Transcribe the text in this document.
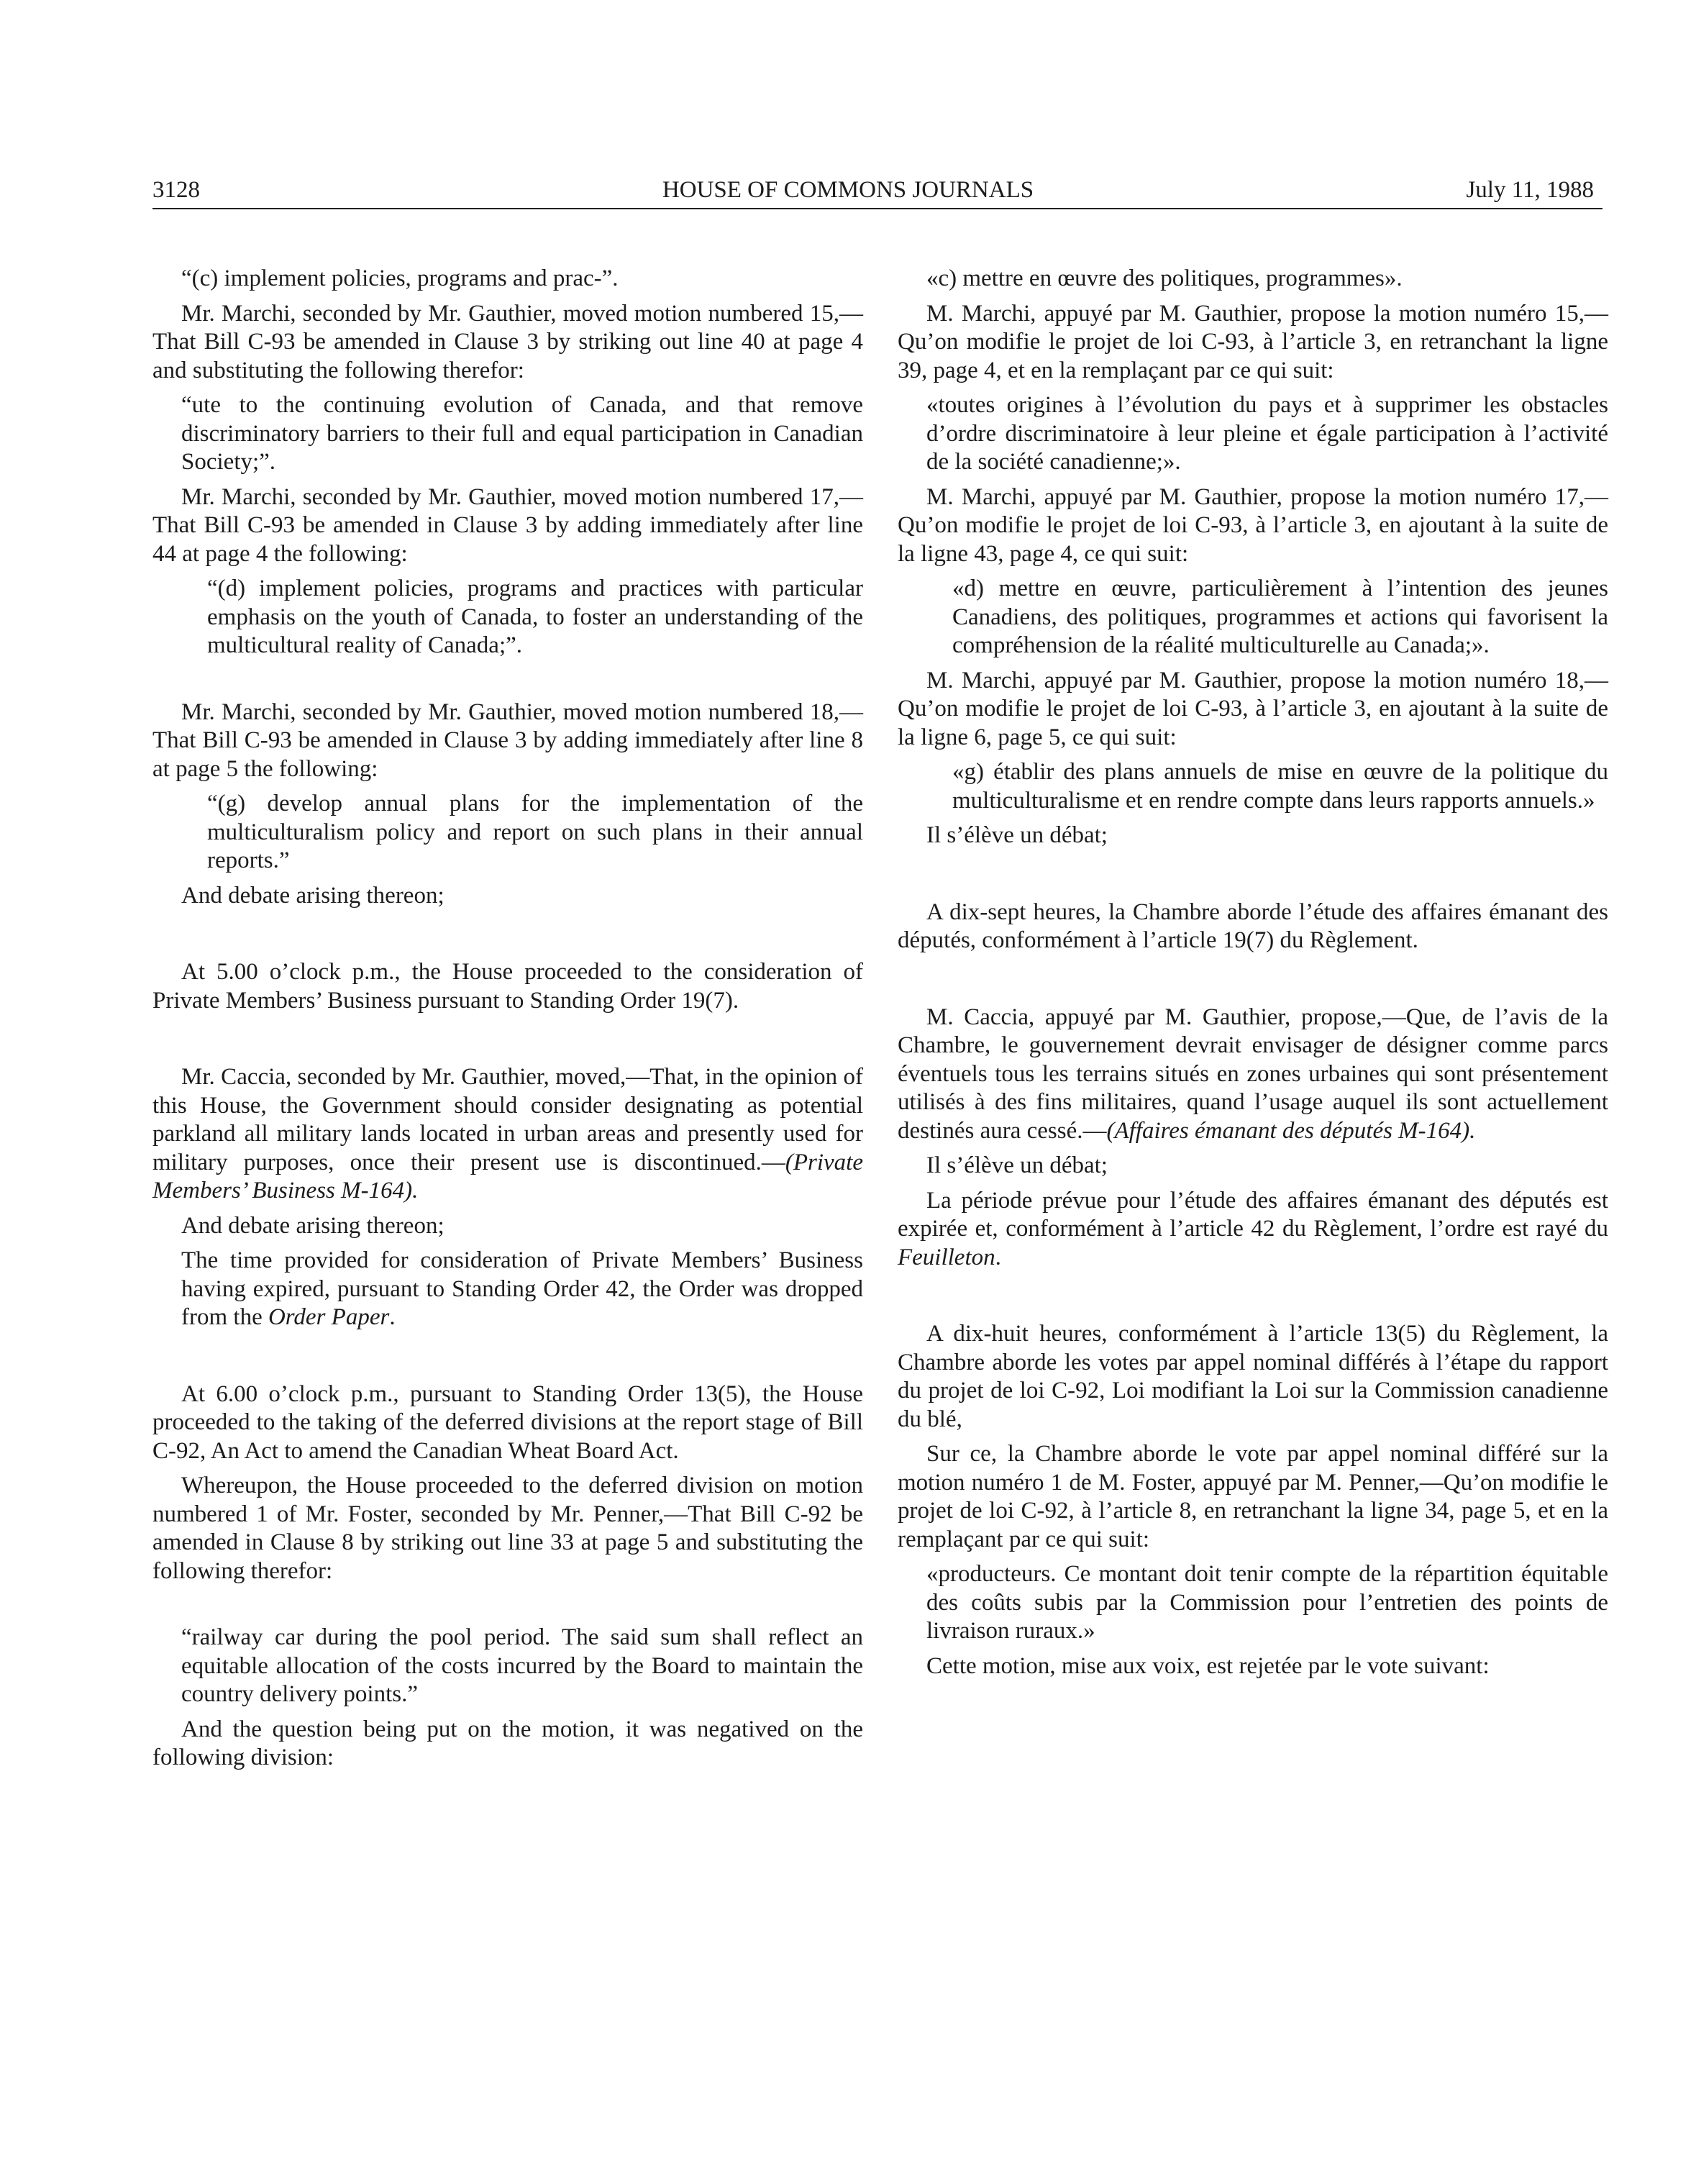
3128	HOUSE OF COMMONS JOURNALS	July 11, 1988

“(c) implement policies, programs and prac-”.

Mr. Marchi, seconded by Mr. Gauthier, moved motion numbered 15,—That Bill C-93 be amended in Clause 3 by striking out line 40 at page 4 and substituting the following therefor:

“ute to the continuing evolution of Canada, and that remove discriminatory barriers to their full and equal participation in Canadian Society;”.

Mr. Marchi, seconded by Mr. Gauthier, moved motion numbered 17,—That Bill C-93 be amended in Clause 3 by adding immediately after line 44 at page 4 the following:

“(d) implement policies, programs and practices with particular emphasis on the youth of Canada, to foster an understanding of the multicultural reality of Canada;”.

Mr. Marchi, seconded by Mr. Gauthier, moved motion numbered 18,—That Bill C-93 be amended in Clause 3 by adding immediately after line 8 at page 5 the following:

“(g) develop annual plans for the implementation of the multiculturalism policy and report on such plans in their annual reports.”

And debate arising thereon;

At 5.00 o’clock p.m., the House proceeded to the consideration of Private Members’ Business pursuant to Standing Order 19(7).

Mr. Caccia, seconded by Mr. Gauthier, moved,—That, in the opinion of this House, the Government should consider designating as potential parkland all military lands located in urban areas and presently used for military purposes, once their present use is discontinued.—(Private Members’ Business M-164).

And debate arising thereon;

The time provided for consideration of Private Members’ Business having expired, pursuant to Standing Order 42, the Order was dropped from the Order Paper.

At 6.00 o’clock p.m., pursuant to Standing Order 13(5), the House proceeded to the taking of the deferred divisions at the report stage of Bill C-92, An Act to amend the Canadian Wheat Board Act.

Whereupon, the House proceeded to the deferred division on motion numbered 1 of Mr. Foster, seconded by Mr. Penner,—That Bill C-92 be amended in Clause 8 by striking out line 33 at page 5 and substituting the following therefor:

“railway car during the pool period. The said sum shall reflect an equitable allocation of the costs incurred by the Board to maintain the country delivery points.”

And the question being put on the motion, it was negatived on the following division:

«c) mettre en œuvre des politiques, programmes».

M. Marchi, appuyé par M. Gauthier, propose la motion numéro 15,—Qu’on modifie le projet de loi C-93, à l’article 3, en retranchant la ligne 39, page 4, et en la remplaçant par ce qui suit:

«toutes origines à l’évolution du pays et à supprimer les obstacles d’ordre discriminatoire à leur pleine et égale participation à l’activité de la société canadienne;».

M. Marchi, appuyé par M. Gauthier, propose la motion numéro 17,—Qu’on modifie le projet de loi C-93, à l’article 3, en ajoutant à la suite de la ligne 43, page 4, ce qui suit:

«d) mettre en œuvre, particulièrement à l’intention des jeunes Canadiens, des politiques, programmes et actions qui favorisent la compréhension de la réalité multiculturelle au Canada;».

M. Marchi, appuyé par M. Gauthier, propose la motion numéro 18,—Qu’on modifie le projet de loi C-93, à l’article 3, en ajoutant à la suite de la ligne 6, page 5, ce qui suit:

«g) établir des plans annuels de mise en œuvre de la politique du multiculturalisme et en rendre compte dans leurs rapports annuels.»

Il s’élève un débat;

A dix-sept heures, la Chambre aborde l’étude des affaires émanant des députés, conformément à l’article 19(7) du Règlement.

M. Caccia, appuyé par M. Gauthier, propose,—Que, de l’avis de la Chambre, le gouvernement devrait envisager de désigner comme parcs éventuels tous les terrains situés en zones urbaines qui sont présentement utilisés à des fins militaires, quand l’usage auquel ils sont actuellement destinés aura cessé.—(Affaires émanant des députés M-164).

Il s’élève un débat;

La période prévue pour l’étude des affaires émanant des députés est expirée et, conformément à l’article 42 du Règlement, l’ordre est rayé du Feuilleton.

A dix-huit heures, conformément à l’article 13(5) du Règlement, la Chambre aborde les votes par appel nominal différés à l’étape du rapport du projet de loi C-92, Loi modifiant la Loi sur la Commission canadienne du blé,

Sur ce, la Chambre aborde le vote par appel nominal différé sur la motion numéro 1 de M. Foster, appuyé par M. Penner,—Qu’on modifie le projet de loi C-92, à l’article 8, en retranchant la ligne 34, page 5, et en la remplaçant par ce qui suit:

«producteurs. Ce montant doit tenir compte de la répartition équitable des coûts subis par la Commission pour l’entretien des points de livraison ruraux.»

Cette motion, mise aux voix, est rejetée par le vote suivant:
